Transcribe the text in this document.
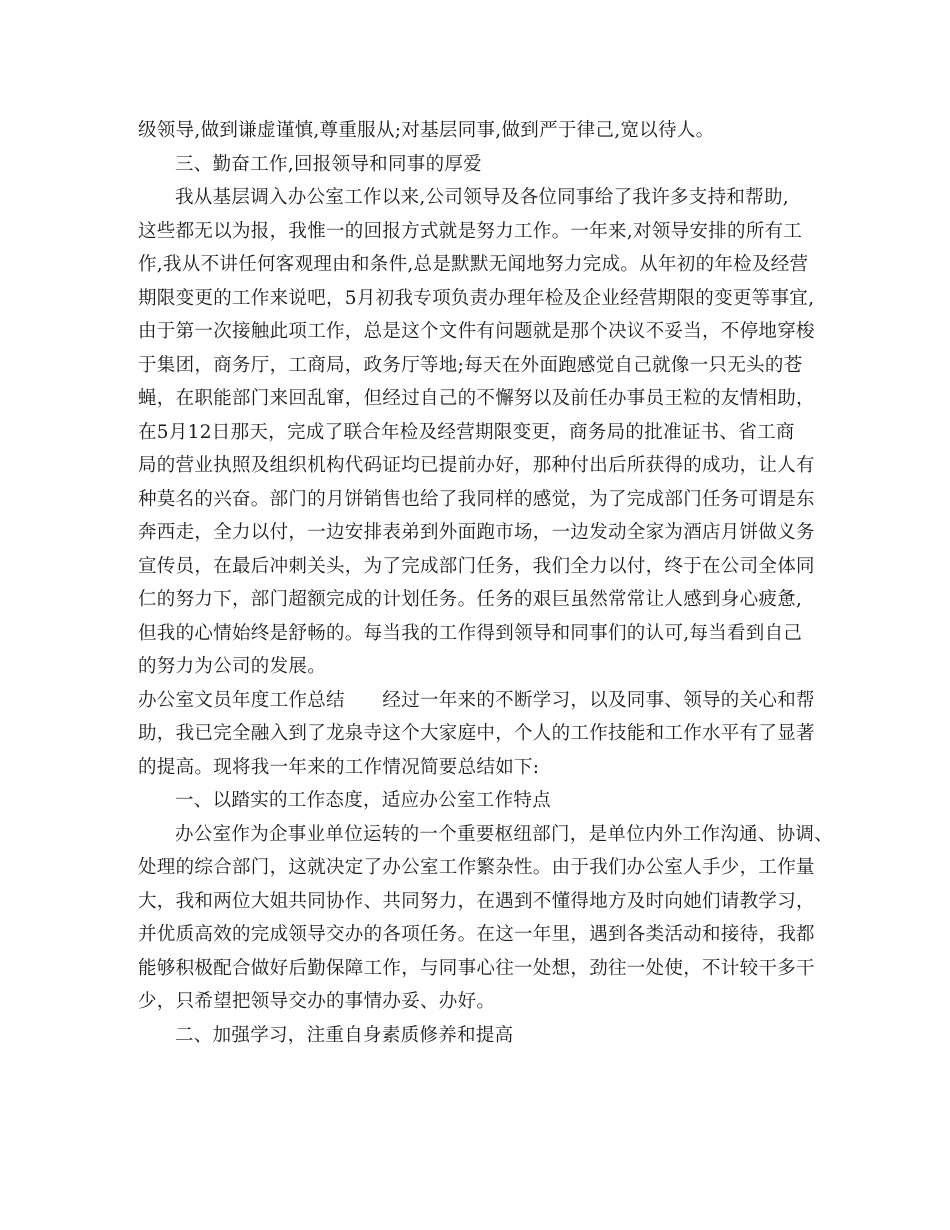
级领导,做到谦虚谨慎,尊重服从;对基层同事,做到严于律己,宽以待人。
三、勤奋工作,回报领导和同事的厚爱
我从基层调入办公室工作以来,公司领导及各位同事给了我许多支持和帮助,
这些都无以为报，我惟一的回报方式就是努力工作。一年来,对领导安排的所有工
作,我从不讲任何客观理由和条件,总是默默无闻地努力完成。从年初的年检及经营
期限变更的工作来说吧，5月初我专项负责办理年检及企业经营期限的变更等事宜,
由于第一次接触此项工作，总是这个文件有问题就是那个决议不妥当，不停地穿梭
于集团，商务厅，工商局，政务厅等地;每天在外面跑感觉自己就像一只无头的苍
蝇，在职能部门来回乱窜，但经过自己的不懈努以及前任办事员王粒的友情相助，
在5月12日那天，完成了联合年检及经营期限变更，商务局的批准证书、省工商
局的营业执照及组织机构代码证均已提前办好，那种付出后所获得的成功，让人有
种莫名的兴奋。部门的月饼销售也给了我同样的感觉，为了完成部门任务可谓是东
奔西走，全力以付，一边安排表弟到外面跑市场，一边发动全家为酒店月饼做义务
宣传员，在最后冲刺关头，为了完成部门任务，我们全力以付，终于在公司全体同
仁的努力下，部门超额完成的计划任务。任务的艰巨虽然常常让人感到身心疲惫,
但我的心情始终是舒畅的。每当我的工作得到领导和同事们的认可,每当看到自己
的努力为公司的发展。
办公室文员年度工作总结　　经过一年来的不断学习，以及同事、领导的关心和帮
助，我已完全融入到了龙泉寺这个大家庭中，个人的工作技能和工作水平有了显著
的提高。现将我一年来的工作情况简要总结如下:
一、以踏实的工作态度，适应办公室工作特点
办公室作为企事业单位运转的一个重要枢纽部门，是单位内外工作沟通、协调、
处理的综合部门，这就决定了办公室工作繁杂性。由于我们办公室人手少，工作量
大，我和两位大姐共同协作、共同努力，在遇到不懂得地方及时向她们请教学习，
并优质高效的完成领导交办的各项任务。在这一年里，遇到各类活动和接待，我都
能够积极配合做好后勤保障工作，与同事心往一处想，劲往一处使，不计较干多干
少，只希望把领导交办的事情办妥、办好。
二、加强学习，注重自身素质修养和提高
